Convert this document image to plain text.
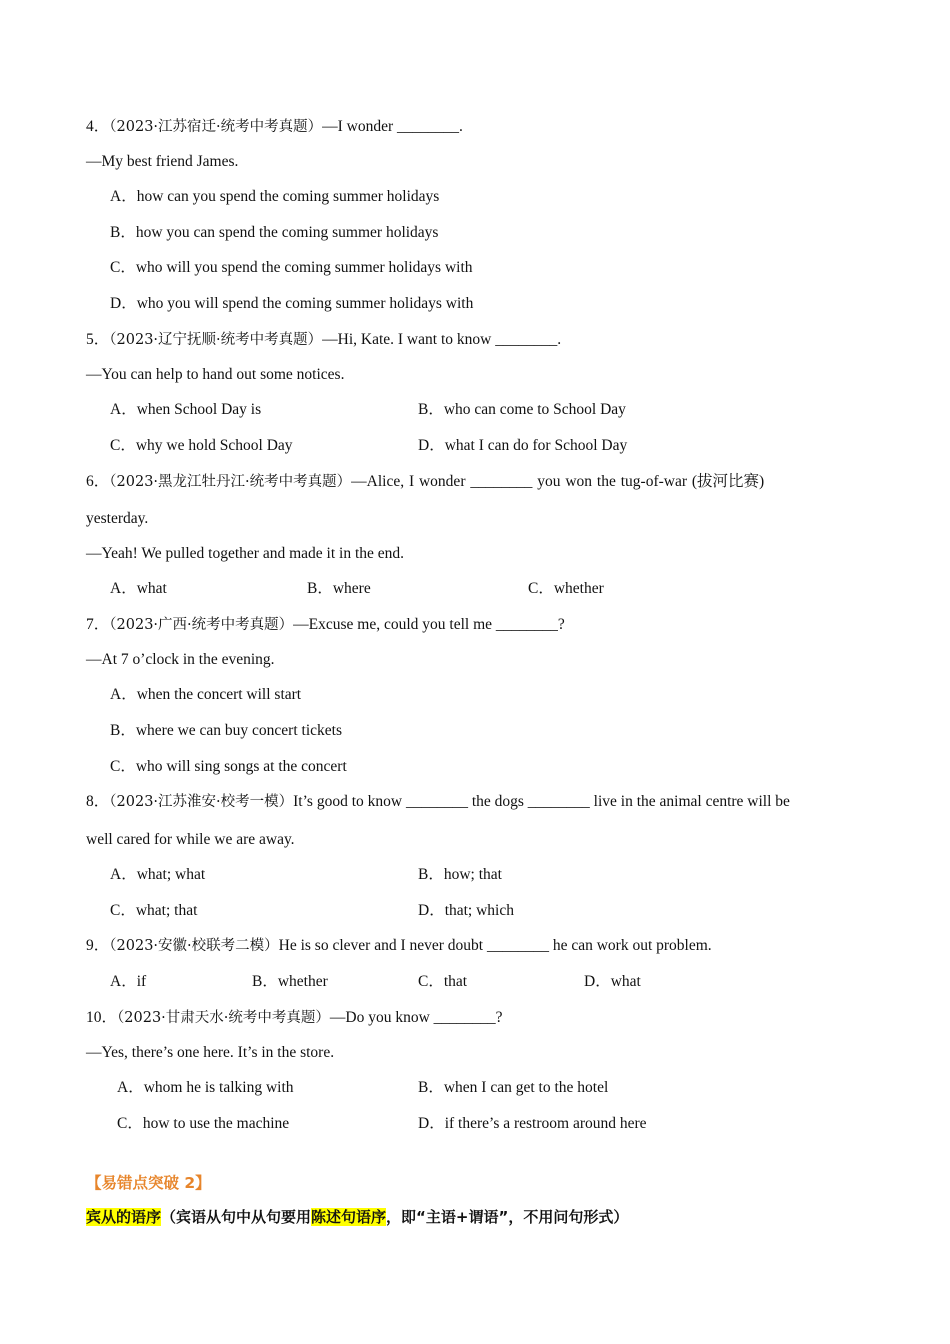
4．（2023·江苏宿迁·统考中考真题）—I wonder ________.
—My best friend James.
A．how can you spend the coming summer holidays
B．how you can spend the coming summer holidays
C．who will you spend the coming summer holidays with
D．who you will spend the coming summer holidays with
5．（2023·辽宁抚顺·统考中考真题）—Hi, Kate. I want to know ________.
—You can help to hand out some notices.
A．when School Day is	B．who can come to School Day
C．why we hold School Day	D．what I can do for School Day
6．（2023·黑龙江牡丹江·统考中考真题）—Alice, I wonder ________ you won the tug-of-war (拔河比赛)
yesterday.
—Yeah! We pulled together and made it in the end.
A．what	B．where	C．whether
7．（2023·广西·统考中考真题）—Excuse me, could you tell me ________?
—At 7 o’clock in the evening.
A．when the concert will start
B．where we can buy concert tickets
C．who will sing songs at the concert
8．（2023·江苏淮安·校考一模）It’s good to know ________ the dogs ________ live in the animal centre will be
well cared for while we are away.
A．what; what	B．how; that
C．what; that	D．that; which
9．（2023·安徽·校联考二模）He is so clever and I never doubt ________ he can work out problem.
A．if	B．whether	C．that	D．what
10．（2023·甘肃天水·统考中考真题）—Do you know ________?
—Yes, there’s one here. It’s in the store.
A．whom he is talking with	B．when I can get to the hotel
C．how to use the machine	D．if there’s a restroom around here
【易错点突破 2】
宾从的语序（宾语从句中从句要用陈述句语序，即“主语+谓语”，不用问句形式）
